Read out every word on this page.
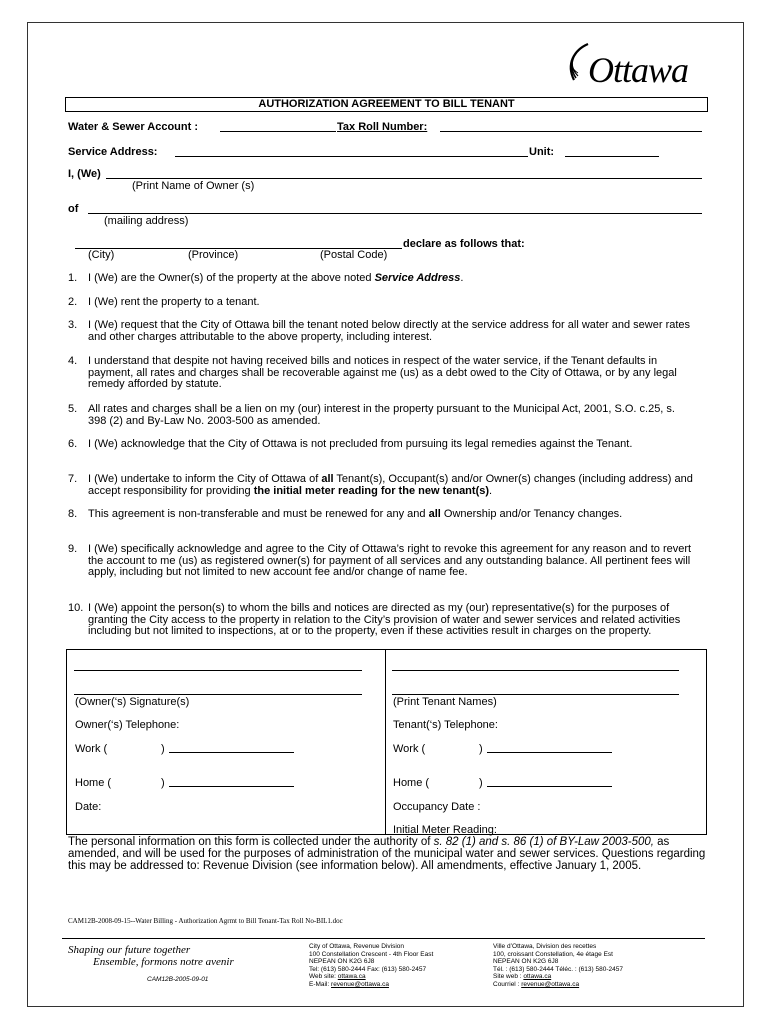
Ottawa
AUTHORIZATION AGREEMENT TO BILL TENANT
Water & Sewer Account :	Tax Roll Number:
Service Address:	Unit:
I, (We)
(Print Name of Owner (s)
of
(mailing address)
declare as follows that:
(City)	(Province)	(Postal Code)
1. I (We) are the Owner(s) of the property at the above noted Service Address.
2. I (We) rent the property to a tenant.
3. I (We) request that the City of Ottawa bill the tenant noted below directly at the service address for all water and sewer rates and other charges attributable to the above property, including interest.
4. I understand that despite not having received bills and notices in respect of the water service, if the Tenant defaults in payment, all rates and charges shall be recoverable against me (us) as a debt owed to the City of Ottawa, or by any legal remedy afforded by statute.
5. All rates and charges shall be a lien on my (our) interest in the property pursuant to the Municipal Act, 2001, S.O. c.25, s. 398 (2) and By-Law No. 2003-500 as amended.
6. I (We) acknowledge that the City of Ottawa is not precluded from pursuing its legal remedies against the Tenant.
7. I (We) undertake to inform the City of Ottawa of all Tenant(s), Occupant(s) and/or Owner(s) changes (including address) and accept responsibility for providing the initial meter reading for the new tenant(s).
8. This agreement is non-transferable and must be renewed for any and all Ownership and/or Tenancy changes.
9. I (We) specifically acknowledge and agree to the City of Ottawa’s right to revoke this agreement for any reason and to revert the account to me (us) as registered owner(s) for payment of all services and any outstanding balance. All pertinent fees will apply, including but not limited to new account fee and/or change of name fee.
10. I (We) appoint the person(s) to whom the bills and notices are directed as my (our) representative(s) for the purposes of granting the City access to the property in relation to the City’s provision of water and sewer services and related activities including but not limited to inspections, at or to the property, even if these activities result in charges on the property.
(Owner(‘s) Signature(s)
Owner(‘s) Telephone:
Work (	)
Home (	)
Date:
(Print Tenant Names)
Tenant(‘s) Telephone:
Work (	)
Home (	)
Occupancy Date :
Initial Meter Reading:
The personal information on this form is collected under the authority of s. 82 (1) and s. 86 (1) of BY-Law 2003-500, as amended, and will be used for the purposes of administration of the municipal water and sewer services. Questions regarding this may be addressed to: Revenue Division (see information below). All amendments, effective January 1, 2005.
CAM12B-2008-09-15--Water Billing - Authorization Agrmt to Bill Tenant-Tax Roll No-BIL1.doc
Shaping our future together
Ensemble, formons notre avenir
CAM12B-2005-09-01
City of Ottawa, Revenue Division
100 Constellation Crescent - 4th Floor East
NEPEAN ON K2G 6J8
Tel: (613) 580-2444 Fax: (613) 580-2457
Web site: ottawa.ca
E-Mail: revenue@ottawa.ca
Ville d’Ottawa, Division des recettes
100, croissant Constellation, 4e étage Est
NEPEAN ON K2G 6J8
Tél. : (613) 580-2444 Téléc. : (613) 580-2457
Site web : ottawa.ca
Courriel : revenue@ottawa.ca
